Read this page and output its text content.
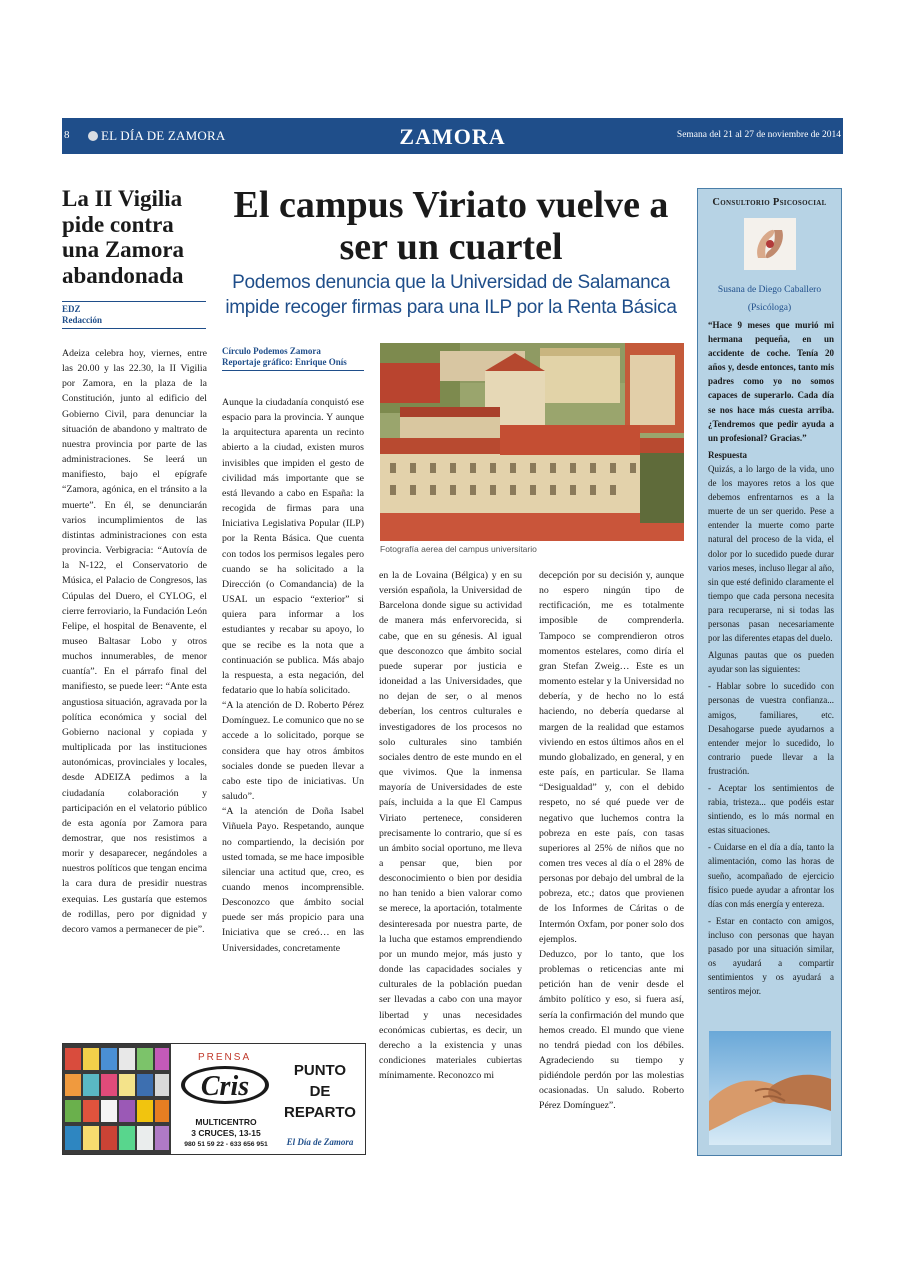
8	EL DÍA DE ZAMORA	ZAMORA	Semana del 21 al 27 de noviembre de 2014
La II Vigilia pide contra una Zamora abandonada
EDZ
Redacción

Adeiza celebra hoy, viernes, entre las 20.00 y las 22.30, la II Vigilia por Zamora, en la plaza de la Constitución, junto al edificio del Gobierno Civil, para denunciar la situación de abandono y maltrato de nuestra provincia por parte de las administraciones. Se leerá un manifiesto, bajo el epígrafe “Zamora, agónica, en el tránsito a la muerte”. En él, se denunciarán varios incumplimientos de las distintas administraciones con esta provincia. Verbigracia: “Autovía de la N-122, el Conservatorio de Música, el Palacio de Congresos, las Cúpulas del Duero, el CYLOG, el cierre ferroviario, la Fundación León Felipe, el hospital de Benavente, el museo Baltasar Lobo y otros muchos innumerables, de menor cuantía”. En el párrafo final del manifiesto, se puede leer: “Ante esta angustiosa situación, agravada por la política económica y social del Gobierno nacional y copiada y multiplicada por las instituciones autonómicas, provinciales y locales, desde ADEIZA pedimos a la ciudadanía colaboración y participación en el velatorio público de esta agonía por Zamora para demostrar, que nos resistimos a morir y desaparecer, negándoles a nuestros políticos que tengan encima la cara dura de presidir nuestras exequias. Les gustaría que estemos de rodillas, pero por dignidad y decoro vamos a permanecer de pie”.

El campus Viriato vuelve a ser un cuartel
Podemos denuncia que la Universidad de Salamanca impide recoger firmas para una ILP por la Renta Básica
Círculo Podemos Zamora
Reportaje gráfico: Enrique Onís

Aunque la ciudadanía conquistó ese espacio para la provincia. Y aunque la arquitectura aparenta un recinto abierto a la ciudad, existen muros invisibles que impiden el gesto de civilidad más importante que se está llevando a cabo en España: la recogida de firmas para una Iniciativa Legislativa Popular (ILP) por la Renta Básica. Que cuenta con todos los permisos legales pero cuando se ha solicitado a la Dirección (o Comandancia) de la USAL un espacio “exterior” si quiera para informar a los estudiantes y recabar su apoyo, lo que se recibe es la nota que a continuación se publica. Más abajo la respuesta, a esta negación, del fedatario que lo había solicitado.

“A la atención de D. Roberto Pérez Domínguez. Le comunico que no se accede a lo solicitado, porque se considera que hay otros ámbitos sociales donde se pueden llevar a cabo este tipo de iniciativas. Un saludo”.

“A la atención de Doña Isabel Viñuela Payo. Respetando, aunque no compartiendo, la decisión por usted tomada, se me hace imposible silenciar una actitud que, creo, es cuando menos incomprensible. Desconozco que ámbito social puede ser más propicio para una Iniciativa que se creó… en las Universidades, concretamente

Fotografía aerea del campus universitario

en la de Lovaina (Bélgica) y en su versión española, la Universidad de Barcelona donde sigue su actividad de manera más enfervorecida, si cabe, que en su génesis. Al igual que desconozco que ámbito social puede superar por justicia e idoneidad a las Universidades, que no dejan de ser, o al menos deberían, los centros culturales e investigadores de los procesos no solo culturales sino también sociales dentro de este mundo en el que vivimos. Que la inmensa mayoría de Universidades de este país, incluida a la que El Campus Viriato pertenece, consideren precisamente lo contrario, que sí es un ámbito social oportuno, me lleva a pensar que, bien por desconocimiento o bien por desidia no han tenido a bien valorar como se merece, la aportación, totalmente desinteresada por nuestra parte, de la lucha que estamos emprendiendo por un mundo mejor, más justo y donde las capacidades sociales y culturales de la población puedan ser llevadas a cabo con una mayor libertad y unas necesidades económicas cubiertas, es decir, un derecho a la existencia y unas condiciones materiales cubiertas mínimamente. Reconozco mi

decepción por su decisión y, aunque no espero ningún tipo de rectificación, me es totalmente imposible de comprenderla. Tampoco se comprendieron otros momentos estelares, como diría el gran Stefan Zweig… Este es un momento estelar y la Universidad no debería, y de hecho no lo está haciendo, no debería quedarse al margen de la realidad que estamos viviendo en estos últimos años en el mundo globalizado, en general, y en este país, en particular. Se llama “Desigualdad” y, con el debido respeto, no sé qué puede ver de negativo que luchemos contra la pobreza en este país, con tasas superiores al 25% de niños que no comen tres veces al día o el 28% de personas por debajo del umbral de la pobreza, etc.; datos que provienen de los Informes de Cáritas o de Intermón Oxfam, por poner solo dos ejemplos.

Deduzco, por lo tanto, que los problemas o reticencias ante mi petición han de venir desde el ámbito político y eso, si fuera así, sería la confirmación del mundo que hemos creado. El mundo que viene no tendrá piedad con los débiles. Agradeciendo su tiempo y pidiéndole perdón por las molestias ocasionadas. Un saludo. Roberto Pérez Domínguez”.

Consultorio Psicosocial
Susana de Diego Caballero
(Psicóloga)

“Hace 9 meses que murió mi hermana pequeña, en un accidente de coche. Tenía 20 años y, desde entonces, tanto mis padres como yo no somos capaces de superarlo. Cada día se nos hace más cuesta arriba. ¿Tendremos que pedir ayuda a un profesional? Gracias.”

Respuesta

Quizás, a lo largo de la vida, uno de los mayores retos a los que debemos enfrentarnos es a la muerte de un ser querido. Pese a entender la muerte como parte natural del proceso de la vida, el dolor por lo sucedido puede durar varios meses, incluso llegar al año, sin que esté definido claramente el tiempo que cada persona necesita para recuperarse, ni si todas las personas pasan necesariamente por las diferentes etapas del duelo.

Algunas pautas que os pueden ayudar son las siguientes:

- Hablar sobre lo sucedido con personas de vuestra confianza... amigos, familiares, etc. Desahogarse puede ayudarnos a entender mejor lo sucedido, lo contrario puede llevar a la frustración.

- Aceptar los sentimientos de rabia, tristeza... que podéis estar sintiendo, es lo más normal en estas situaciones.

- Cuidarse en el día a día, tanto la alimentación, como las horas de sueño, acompañado de ejercicio físico puede ayudar a afrontar los días con más energía y entereza.

- Estar en contacto con amigos, incluso con personas que hayan pasado por una situación similar, os ayudará a compartir sentimientos y os ayudará a sentiros mejor.

PRENSA
Cris
MULTICENTRO
3 CRUCES, 13-15
980 51 59 22 - 633 656 951
PUNTO
DE
REPARTO
El Día de Zamora
